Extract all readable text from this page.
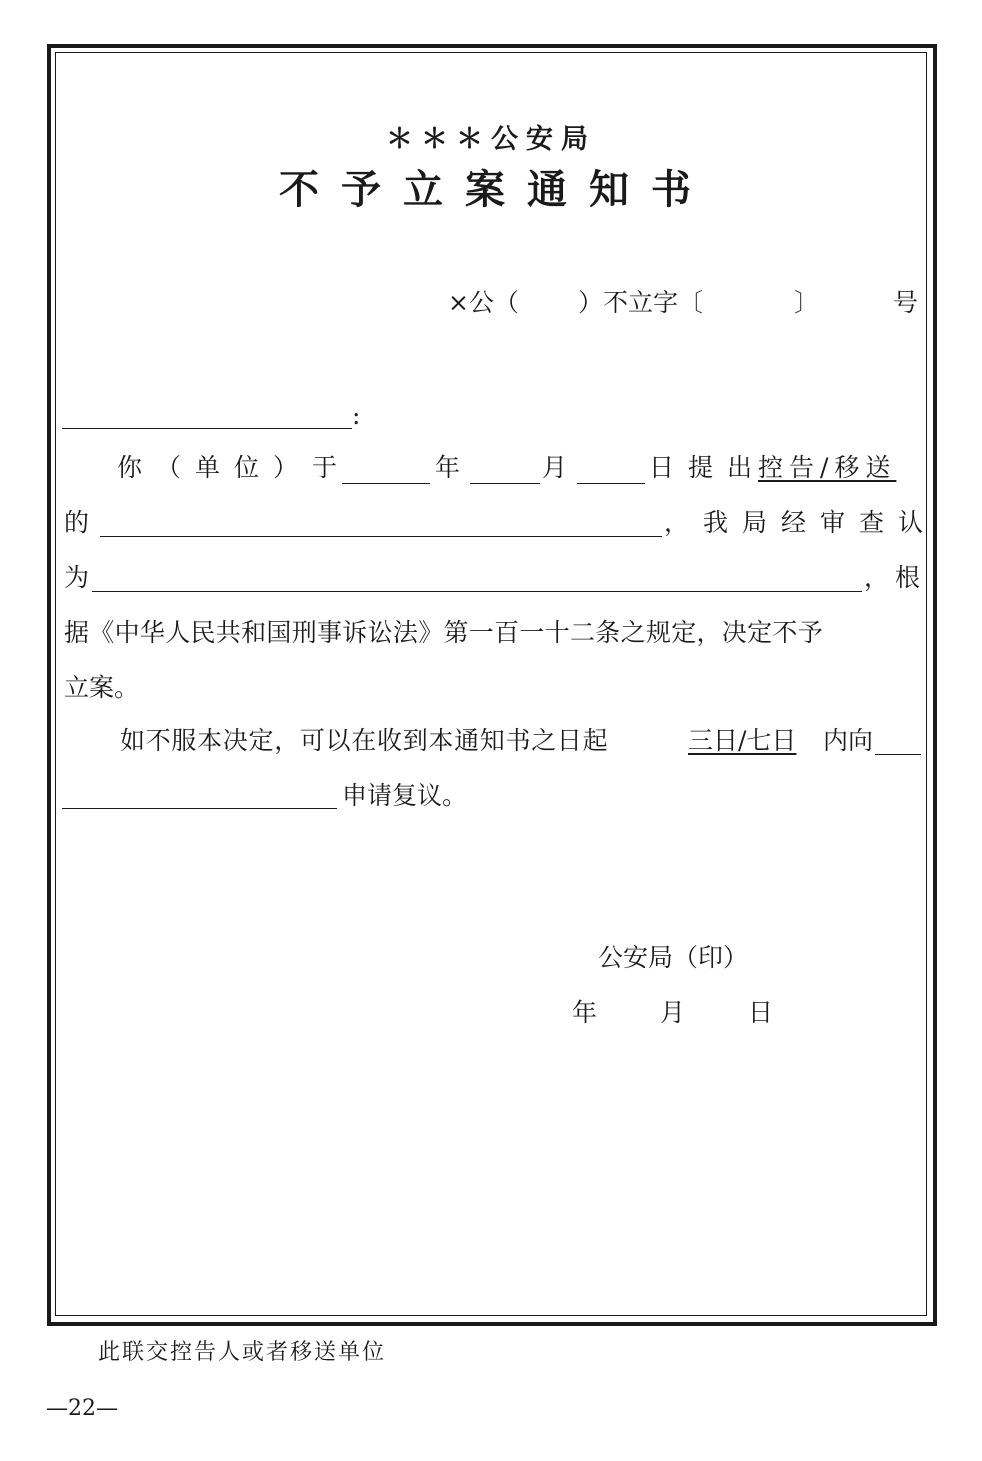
＊＊＊公安局
不予立案通知书
×公（ ）不立字〔	〕	号
:
你（单位）于	年	月	日提出
控告/移送
的	，我局经审查认
为	，根
据《中华人民共和国刑事诉讼法》第一百一十二条之规定，决定不予
立案。
如不服本决定，可以在收到本通知书之日起	三日/七日 内向
申请复议。
公安局（印）
年	月	日
此联交控告人或者移送单位
—22—
